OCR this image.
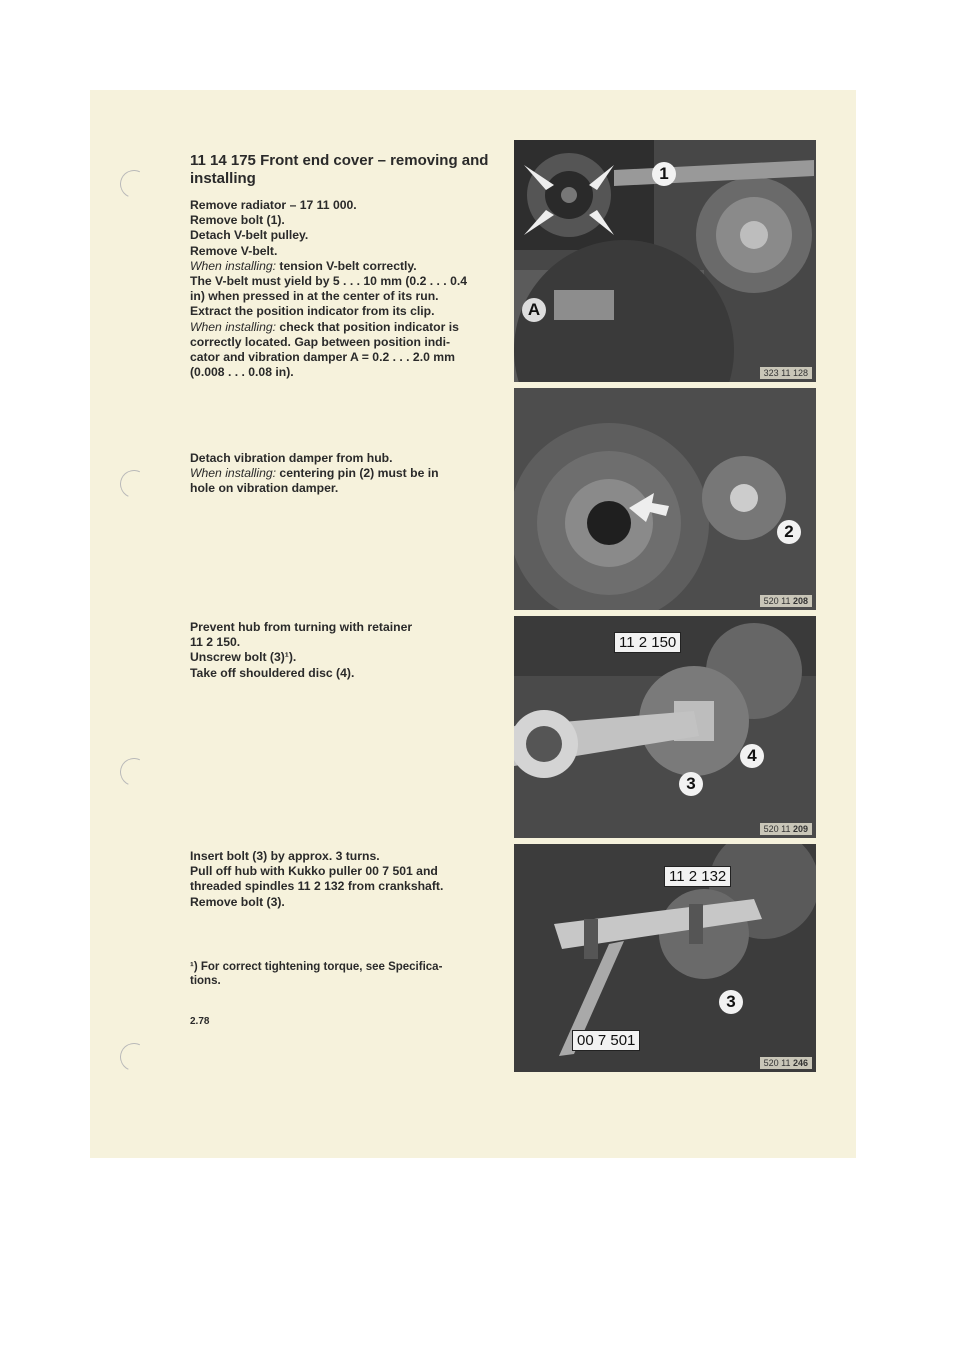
11 14 175 Front end cover – removing and installing
Remove radiator – 17 11 000.
Remove bolt (1).
Detach V-belt pulley.
Remove V-belt.
When installing: tension V-belt correctly.
The V-belt must yield by 5 . . . 10 mm (0.2 . . . 0.4
in) when pressed in at the center of its run.
Extract the position indicator from its clip.
When installing: check that position indicator is
correctly located. Gap between position indi-
cator and vibration damper A = 0.2 . . . 2.0 mm
(0.008 . . . 0.08 in).
Detach vibration damper from hub.
When installing: centering pin (2) must be in
hole on vibration damper.
Prevent hub from turning with retainer
11 2 150.
Unscrew bolt (3)¹).
Take off shouldered disc (4).
Insert bolt (3) by approx. 3 turns.
Pull off hub with Kukko puller 00 7 501 and
threaded spindles 11 2 132 from crankshaft.
Remove bolt (3).
¹) For correct tightening torque, see Specifica-
tions.
2.78
1
A
323 11 128
2
520 11 208
11 2 150
3
4
520 11 209
11 2 132
00 7 501
3
520 11 246
